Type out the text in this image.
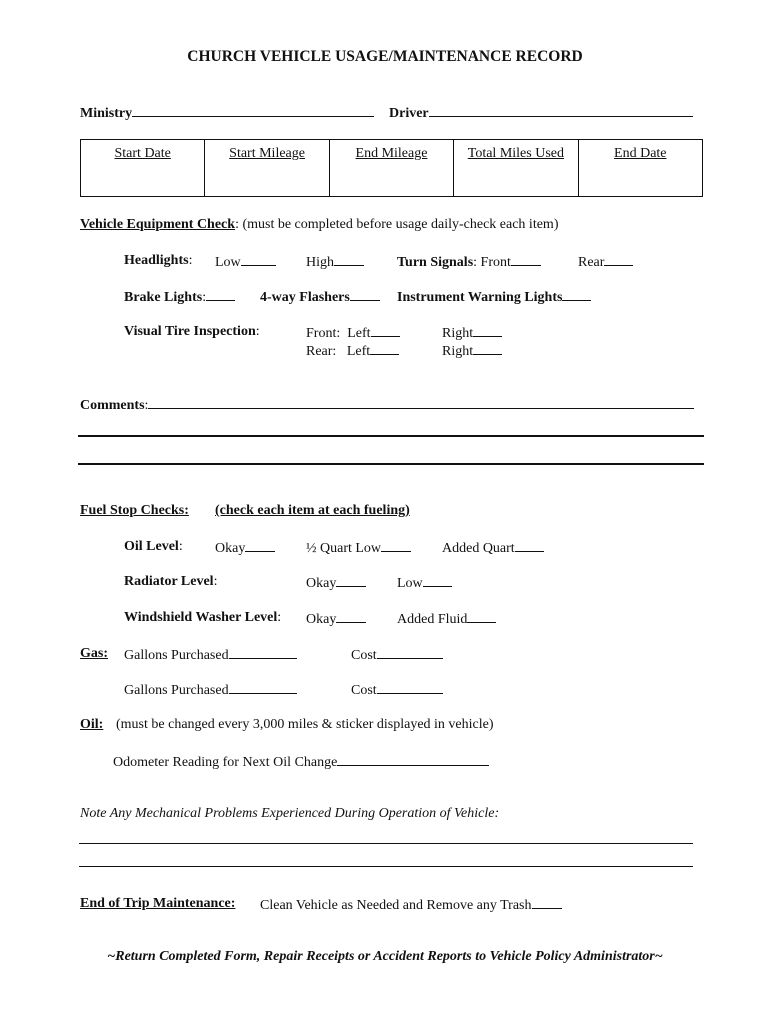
CHURCH VEHICLE USAGE/MAINTENANCE RECORD
Ministry	Driver
Start Date	Start Mileage	End Mileage	Total Miles Used	End Date
Vehicle Equipment Check: (must be completed before usage daily-check each item)
Headlights: Low	High	Turn Signals: Front	Rear
Brake Lights:	4-way Flashers	Instrument Warning Lights
Visual Tire Inspection:	Front: Left	Right
Rear: Left	Right
Comments:
Fuel Stop Checks: (check each item at each fueling)
Oil Level: Okay	½ Quart Low	Added Quart
Radiator Level:	Okay	Low
Windshield Washer Level: Okay	Added Fluid
Gas: Gallons Purchased	Cost
Gallons Purchased	Cost
Oil: (must be changed every 3,000 miles & sticker displayed in vehicle)
Odometer Reading for Next Oil Change
Note Any Mechanical Problems Experienced During Operation of Vehicle:
End of Trip Maintenance: Clean Vehicle as Needed and Remove any Trash
~Return Completed Form, Repair Receipts or Accident Reports to Vehicle Policy Administrator~
